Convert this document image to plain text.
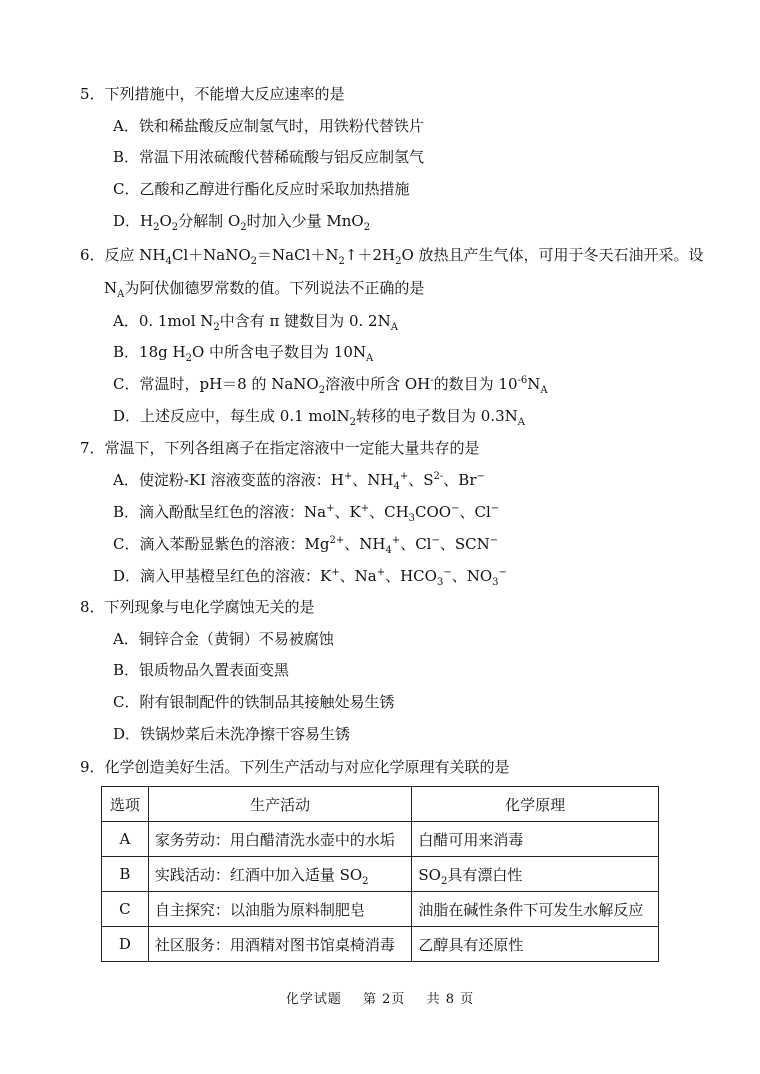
5．下列措施中，不能增大反应速率的是
A．铁和稀盐酸反应制氢气时，用铁粉代替铁片
B．常温下用浓硫酸代替稀硫酸与铝反应制氢气
C．乙酸和乙醇进行酯化反应时采取加热措施
D．$H_2O_2$分解制 $O_2$时加入少量 MnO$_2$
6．反应 $NH_4Cl+NaNO_2=NaCl+N_2↑+2H_2O$ 放热且产生气体，可用于冬天石油开采。设
$N_A$为阿伏伽德罗常数的值。下列说法不正确的是
A．0. 1mol $N_2$中含有 π 键数目为 0. $2N_A$
B．18g $H_2O$ 中所含电子数目为 $10N_A$
C．常温时，pH＝8 的 NaNO$_2$溶液中所含 OH-的数目为 $10^{-6}N_A$
D．上述反应中，每生成 0.1 molN$_2$转移的电子数目为 $0.3N_A$
7．常温下，下列各组离子在指定溶液中一定能大量共存的是
A．使淀粉-KI 溶液变蓝的溶液：H+、$NH_4^+$、$S^{2-}$、Br−
B．滴入酚酞呈红色的溶液：Na+、K+、$CH_3COO^-$、Cl−
C．滴入苯酚显紫色的溶液：$Mg^{2+}$、$NH_4^+$、Cl−、SCN−
D．滴入甲基橙呈红色的溶液：K+、Na+、$HCO_3^-$、$NO_3^-$
8．下列现象与电化学腐蚀无关的是
A．铜锌合金（黄铜）不易被腐蚀
B．银质物品久置表面变黑
C．附有银制配件的铁制品其接触处易生锈
D．铁锅炒菜后未洗净擦干容易生锈
9．化学创造美好生活。下列生产活动与对应化学原理有关联的是
选项	生产活动	化学原理
A	家务劳动：用白醋清洗水壶中的水垢	白醋可用来消毒
B	实践活动：红酒中加入适量 $SO_2$	$SO_2$具有漂白性
C	自主探究：以油脂为原料制肥皂	油脂在碱性条件下可发生水解反应
D	社区服务：用酒精对图书馆桌椅消毒	乙醇具有还原性
化学试题 第 2页 共 8 页
